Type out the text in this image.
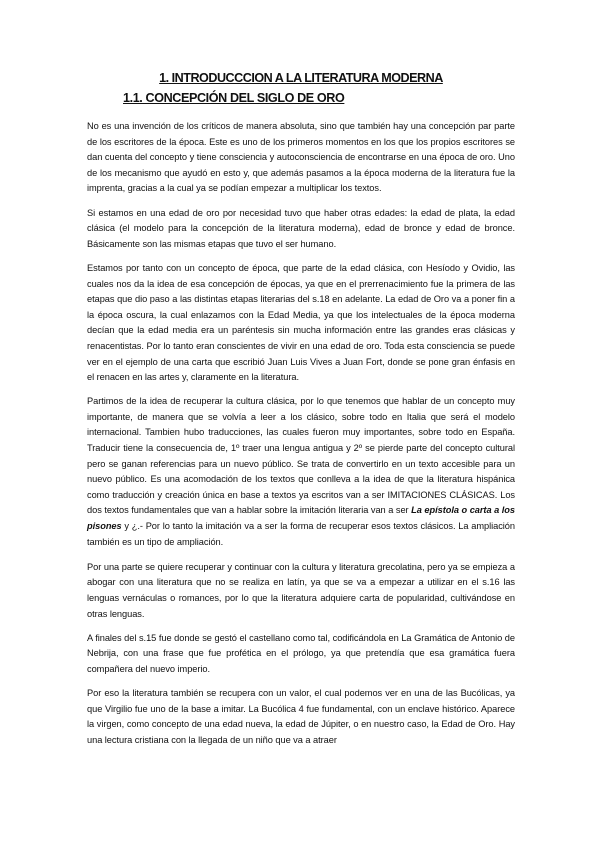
1. INTRODUCCCION A LA LITERATURA MODERNA
1.1. CONCEPCIÓN DEL SIGLO DE ORO

No es una invención de los críticos de manera absoluta, sino que también hay una concepción par parte de los escritores de la época. Este es uno de los primeros momentos en los que los propios escritores se dan cuenta del concepto y tiene consciencia y autoconsciencia de encontrarse en una época de oro. Uno de los mecanismo que ayudó en esto y, que además pasamos a la época moderna de la literatura fue la imprenta, gracias a la cual ya se podían empezar a multiplicar los textos.

Si estamos en una edad de oro por necesidad tuvo que haber otras edades: la edad de plata, la edad clásica (el modelo para la concepción de la literatura moderna), edad de bronce y edad de bronce. Básicamente son las mismas etapas que tuvo el ser humano.

Estamos por tanto con un concepto de época, que parte de la edad clásica, con Hesíodo y Ovidio, las cuales nos da la idea de esa concepción de épocas, ya que en el prerrenacimiento fue la primera de las etapas que dio paso a las distintas etapas literarias del s.18 en adelante. La edad de Oro va a poner fin a la época oscura, la cual enlazamos con la Edad Media, ya que los intelectuales de la época moderna decían que la edad media era un paréntesis sin mucha información entre las grandes eras clásicas y renacentistas. Por lo tanto eran conscientes de vivir en una edad de oro. Toda esta consciencia se puede ver en el ejemplo de una carta que escribió Juan Luis Vives a Juan Fort, donde se pone gran énfasis en el renacen en las artes y, claramente en la literatura.

Partimos de la idea de recuperar la cultura clásica, por lo que tenemos que hablar de un concepto muy importante, de manera que se volvía a leer a los clásico, sobre todo en Italia que será el modelo internacional. Tambien hubo traducciones, las cuales fueron muy importantes, sobre todo en España. Traducir tiene la consecuencia de, 1º traer una lengua antigua y 2º se pierde parte del concepto cultural pero se ganan referencias para un nuevo público. Se trata de convertirlo en un texto accesible para un nuevo público. Es una acomodación de los textos que conlleva a la idea de que la literatura hispánica como traducción y creación única en base a textos ya escritos van a ser IMITACIONES CLÁSICAS. Los dos textos fundamentales que van a hablar sobre la imitación literaria van a ser La epístola o carta a los pisones y ¿.- Por lo tanto la imitación va a ser la forma de recuperar esos textos clásicos. La ampliación también es un tipo de ampliación.

Por una parte se quiere recuperar y continuar con la cultura y literatura grecolatina, pero ya se empieza a abogar con una literatura que no se realiza en latín, ya que se va a empezar a utilizar en el s.16 las lenguas vernáculas o romances, por lo que la literatura adquiere carta de popularidad, cultivándose en otras lenguas.

A finales del s.15 fue donde se gestó el castellano como tal, codificándola en La Gramática de Antonio de Nebrija, con una frase que fue profética en el prólogo, ya que pretendía que esa gramática fuera compañera del nuevo imperio.

Por eso la literatura también se recupera con un valor, el cual podemos ver en una de las Bucólicas, ya que Virgilio fue uno de la base a imitar. La Bucólica 4 fue fundamental, con un enclave histórico. Aparece la virgen, como concepto de una edad nueva, la edad de Júpiter, o en nuestro caso, la Edad de Oro. Hay una lectura cristiana con la llegada de un niño que va a atraer
